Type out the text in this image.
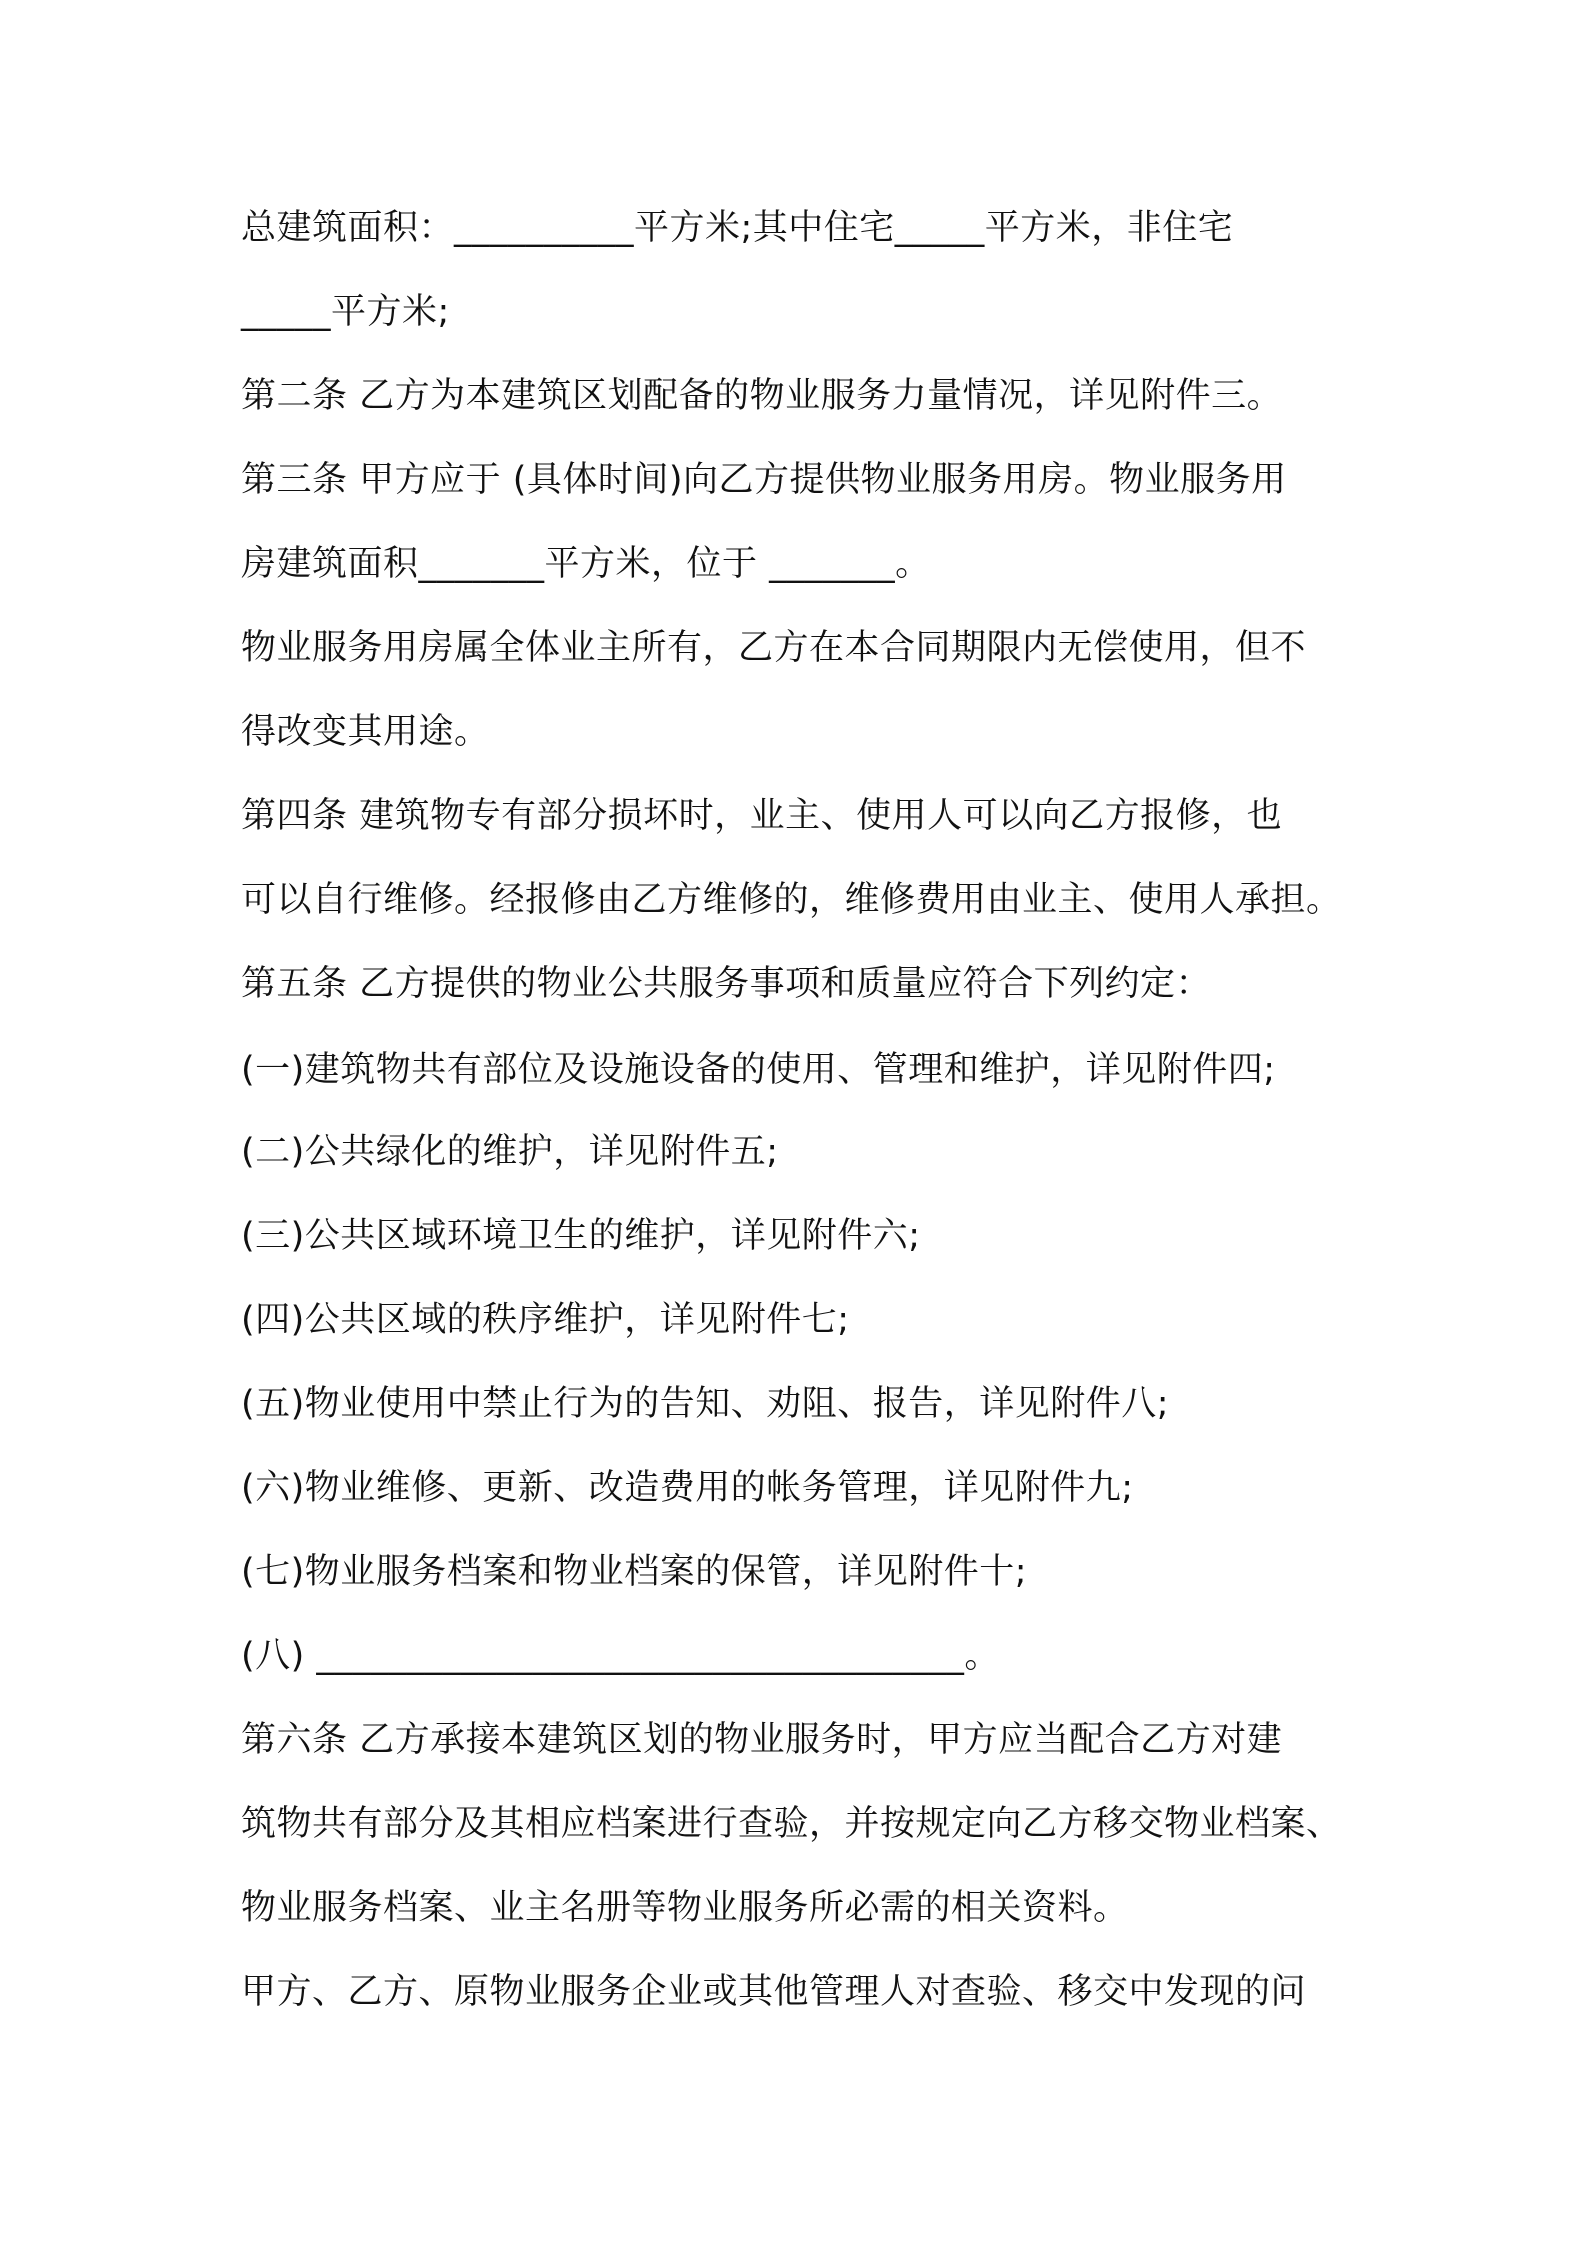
总建筑面积：__________平方米;其中住宅_____平方米，非住宅
_____平方米;
第二条 乙方为本建筑区划配备的物业服务力量情况，详见附件三。
第三条 甲方应于 (具体时间)向乙方提供物业服务用房。物业服务用
房建筑面积_______平方米，位于 _______。
物业服务用房属全体业主所有，乙方在本合同期限内无偿使用，但不
得改变其用途。
第四条 建筑物专有部分损坏时，业主、使用人可以向乙方报修，也
可以自行维修。经报修由乙方维修的，维修费用由业主、使用人承担。
第五条 乙方提供的物业公共服务事项和质量应符合下列约定：
(一)建筑物共有部位及设施设备的使用、管理和维护，详见附件四;
(二)公共绿化的维护，详见附件五;
(三)公共区域环境卫生的维护，详见附件六;
(四)公共区域的秩序维护，详见附件七;
(五)物业使用中禁止行为的告知、劝阻、报告，详见附件八;
(六)物业维修、更新、改造费用的帐务管理，详见附件九;
(七)物业服务档案和物业档案的保管，详见附件十;
(八) ____________________________________。
第六条 乙方承接本建筑区划的物业服务时，甲方应当配合乙方对建
筑物共有部分及其相应档案进行查验，并按规定向乙方移交物业档案、
物业服务档案、业主名册等物业服务所必需的相关资料。
甲方、乙方、原物业服务企业或其他管理人对查验、移交中发现的问
